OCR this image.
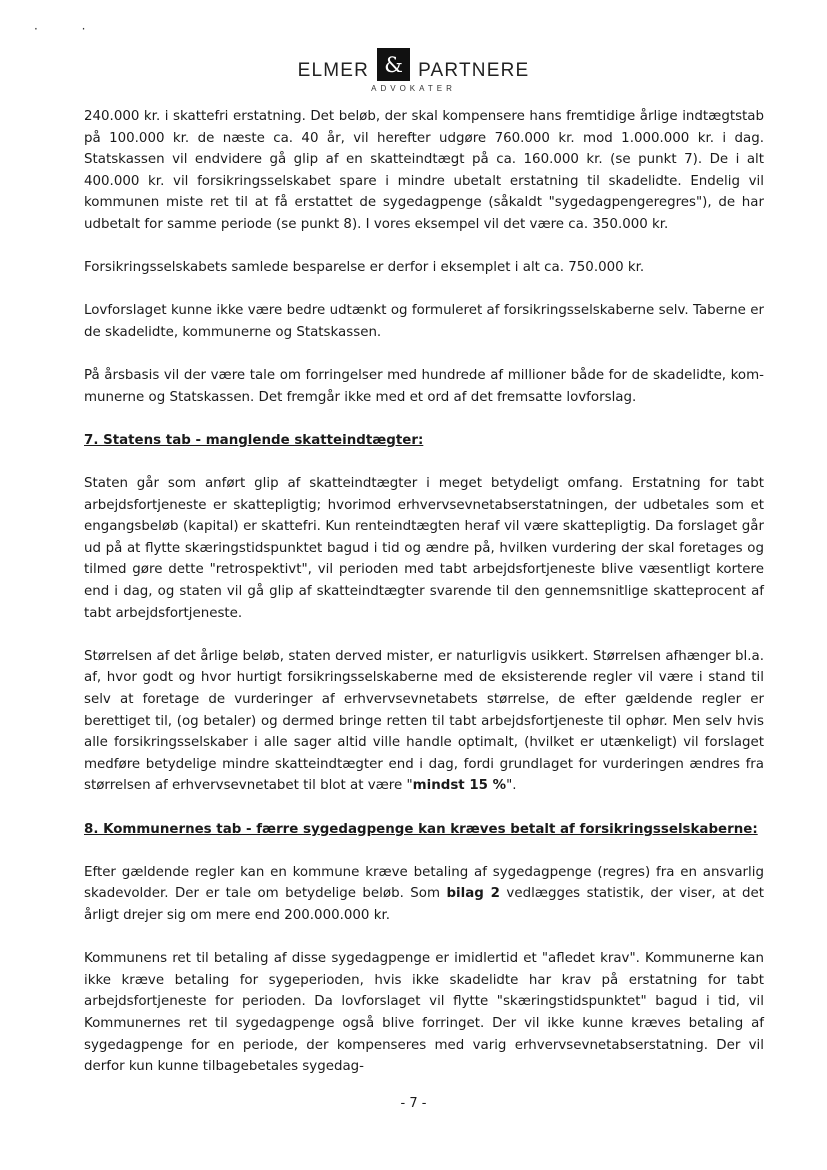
· ·
ELMER & PARTNERE
ADVOKATER

240.000 kr. i skattefri erstatning. Det beløb, der skal kompensere hans fremtidige årlige indtægtstab på 100.000 kr. de næste ca. 40 år, vil herefter udgøre 760.000 kr. mod 1.000.000 kr. i dag. Statskassen vil endvidere gå glip af en skatteindtægt på ca. 160.000 kr. (se punkt 7). De i alt 400.000 kr. vil forsikringsselskabet spare i mindre ubetalt erstatning til skadelidte. Endelig vil kommunen miste ret til at få erstattet de sygedagpenge (såkaldt "sygedagpengeregres"), de har udbetalt for samme periode (se punkt 8). I vores eksempel vil det være ca. 350.000 kr.

Forsikringsselskabets samlede besparelse er derfor i eksemplet i alt ca. 750.000 kr.

Lovforslaget kunne ikke være bedre udtænkt og formuleret af forsikringsselskaberne selv. Taberne er de skadelidte, kommunerne og Statskassen.

På årsbasis vil der være tale om forringelser med hundrede af millioner både for de skadelidte, kommunerne og Statskassen. Det fremgår ikke med et ord af det fremsatte lovforslag.

7. Statens tab - manglende skatteindtægter:

Staten går som anført glip af skatteindtægter i meget betydeligt omfang. Erstatning for tabt arbejdsfortjeneste er skattepligtig; hvorimod erhvervsevnetabserstatningen, der udbetales som et engangsbeløb (kapital) er skattefri. Kun renteindtægten heraf vil være skattepligtig. Da forslaget går ud på at flytte skæringstidspunktet bagud i tid og ændre på, hvilken vurdering der skal foretages og tilmed gøre dette "retrospektivt", vil perioden med tabt arbejdsfortjeneste blive væsentligt kortere end i dag, og staten vil gå glip af skatteindtægter svarende til den gennemsnitlige skatteprocent af tabt arbejdsfortjeneste.

Størrelsen af det årlige beløb, staten derved mister, er naturligvis usikkert. Størrelsen afhænger bl.a. af, hvor godt og hvor hurtigt forsikringsselskaberne med de eksisterende regler vil være i stand til selv at foretage de vurderinger af erhvervsevnetabets størrelse, de efter gældende regler er berettiget til, (og betaler) og dermed bringe retten til tabt arbejdsfortjeneste til ophør. Men selv hvis alle forsikringsselskaber i alle sager altid ville handle optimalt, (hvilket er utænkeligt) vil forslaget medføre betydelige mindre skatteindtægter end i dag, fordi grundlaget for vurderingen ændres fra størrelsen af erhvervsevnetabet til blot at være "mindst 15 %".

8. Kommunernes tab - færre sygedagpenge kan kræves betalt af forsikringsselskaberne:

Efter gældende regler kan en kommune kræve betaling af sygedagpenge (regres) fra en ansvarlig skadevolder. Der er tale om betydelige beløb. Som bilag 2 vedlægges statistik, der viser, at det årligt drejer sig om mere end 200.000.000 kr.

Kommunens ret til betaling af disse sygedagpenge er imidlertid et "afledet krav". Kommunerne kan ikke kræve betaling for sygeperioden, hvis ikke skadelidte har krav på erstatning for tabt arbejdsfortjeneste for perioden. Da lovforslaget vil flytte "skæringstidspunktet" bagud i tid, vil Kommunernes ret til sygedagpenge også blive forringet. Der vil ikke kunne kræves betaling af sygedagpenge for en periode, der kompenseres med varig erhvervsevnetabserstatning. Der vil derfor kun kunne tilbagebetales sygedag-

- 7 -
